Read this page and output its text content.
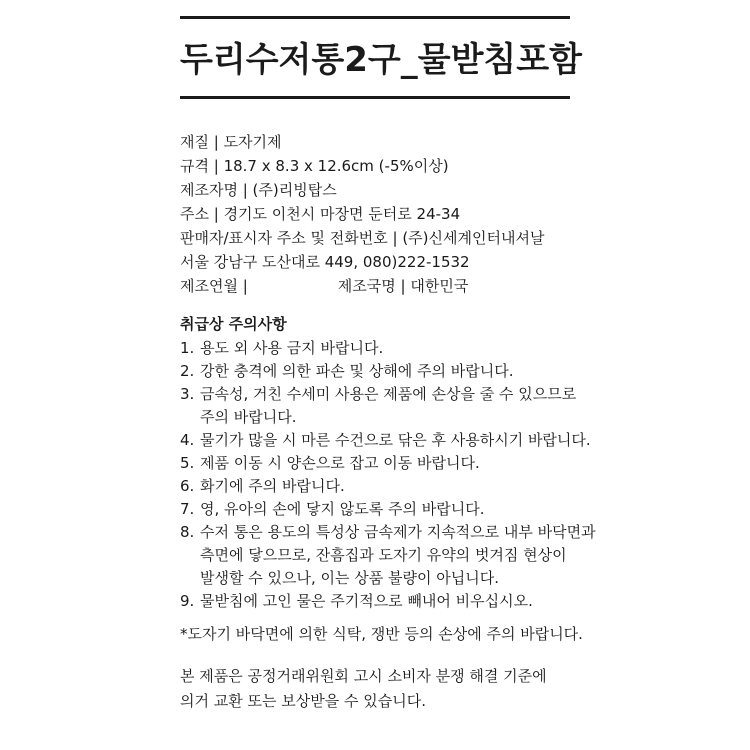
두리수저통2구_물받침포함
재질 | 도자기제
규격 | 18.7 x 8.3 x 12.6cm (-5%이상)
제조자명 | (주)리빙탑스
주소 | 경기도 이천시 마장면 둔터로 24-34
판매자/표시자 주소 및 전화번호 | (주)신세계인터내셔날
서울 강남구 도산대로 449, 080)222-1532
제조연월 |	제조국명 | 대한민국
취급상 주의사항
1. 용도 외 사용 금지 바랍니다.
2. 강한 충격에 의한 파손 및 상해에 주의 바랍니다.
3. 금속성, 거친 수세미 사용은 제품에 손상을 줄 수 있으므로
주의 바랍니다.
4. 물기가 많을 시 마른 수건으로 닦은 후 사용하시기 바랍니다.
5. 제품 이동 시 양손으로 잡고 이동 바랍니다.
6. 화기에 주의 바랍니다.
7. 영, 유아의 손에 닿지 않도록 주의 바랍니다.
8. 수저 통은 용도의 특성상 금속제가 지속적으로 내부 바닥면과
측면에 닿으므로, 잔흠집과 도자기 유약의 벗겨짐 현상이
발생할 수 있으나, 이는 상품 불량이 아닙니다.
9. 물받침에 고인 물은 주기적으로 빼내어 비우십시오.
*도자기 바닥면에 의한 식탁, 쟁반 등의 손상에 주의 바랍니다.
본 제품은 공정거래위원회 고시 소비자 분쟁 해결 기준에
의거 교환 또는 보상받을 수 있습니다.
